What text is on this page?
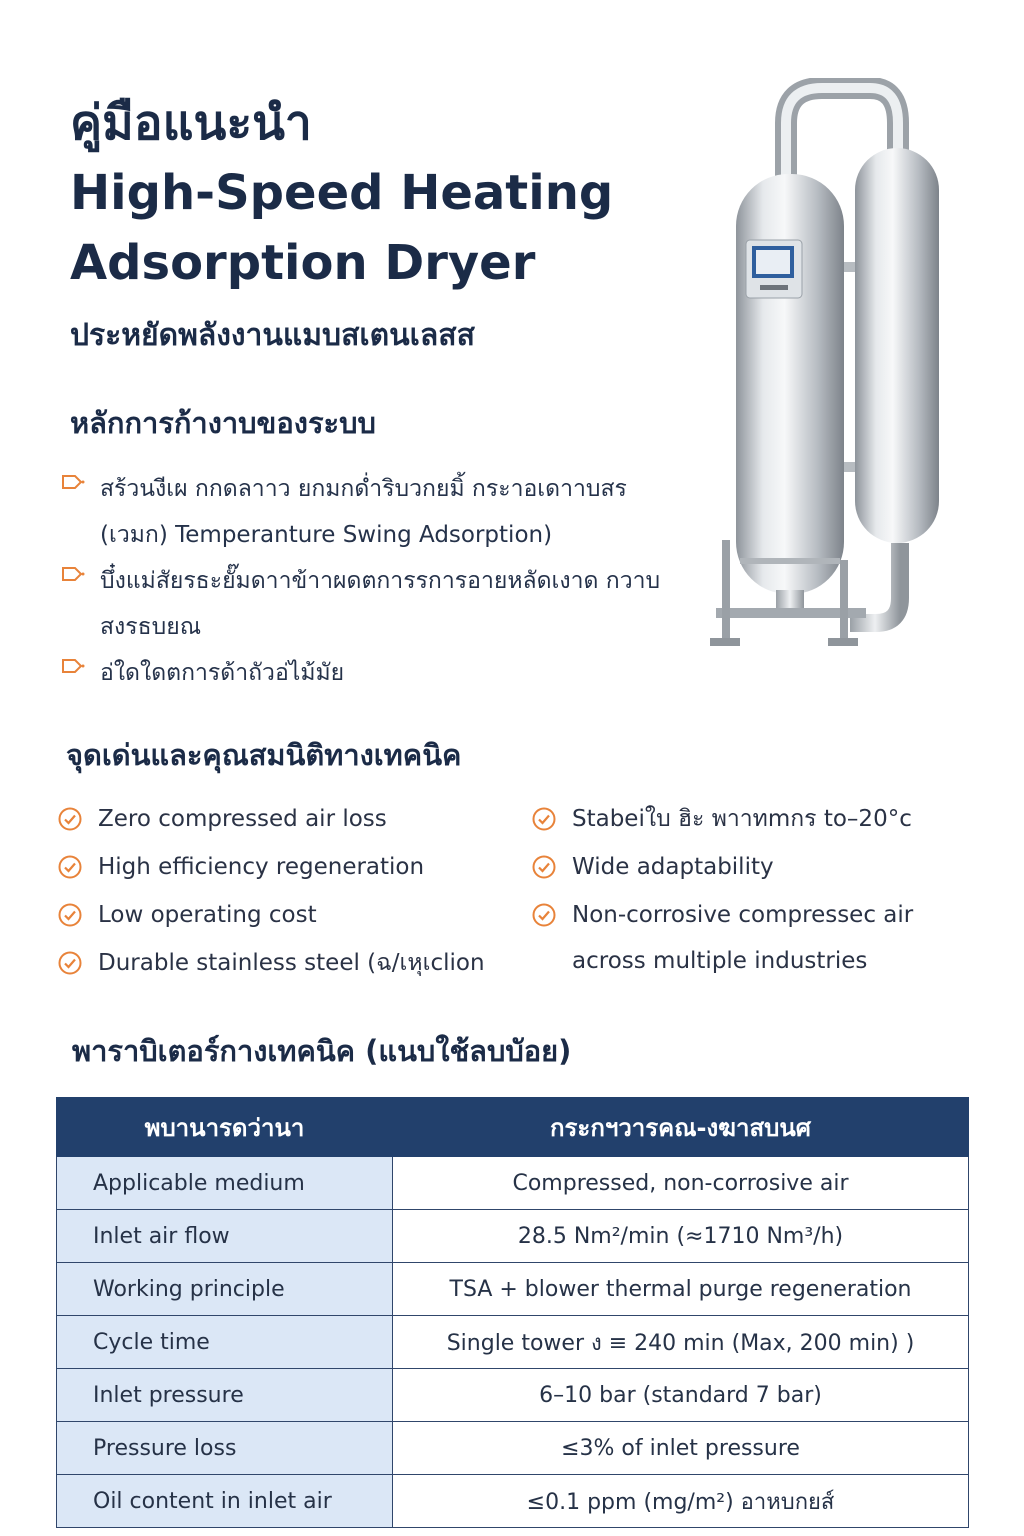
คู่มือแนะนำ
High-Speed Heating
Adsorption Dryer

ประหยัดพลังงานแมบสเตนเลสส

หลักการก้างาบของระบบ
สร้วนงีเผ กกดลาาว ยกมกด่ำริบวกยมิ้ กระาอเดาาบสร (เวมก) Temperanture Swing Adsorption)
บึ๋งแม่สัยรธะยั๊มดาาข้าาผดตการรการอายหลัดเงาด กวาบสงรธบยณ
อ่ใดใดตการด้าถัวอ่ไม้มัย
จุดเด่นและคุณสมนิติทางเทคนิค
Zero compressed air loss
High efficiency regeneration
Low operating cost
Durable stainless steel (ฉ/เหุเclion
Stabeiใบ ฮิะ พาาทmกร to–20°c
Wide adaptability
Non-corrosive compressec air across multiple industries
พาราบิเตอร์กางเทคนิค (แนบใช้ลบบัอย)
พบานารดว่านา	กระกฯวารคณ-งฆาสบนศ
Applicable medium	Compressed, non-corrosive air
Inlet air flow	28.5 Nm²/min (≈1710 Nm³/h)
Working principle	TSA + blower thermal purge regeneration
Cycle time	Single tower ง ≡ 240 min (Max, 200 min) )
Inlet pressure	6–10 bar (standard 7 bar)
Pressure loss	≤3% of inlet pressure
Oil content in inlet air	≤0.1 ppm (mg/m²) อาหบกยส์
